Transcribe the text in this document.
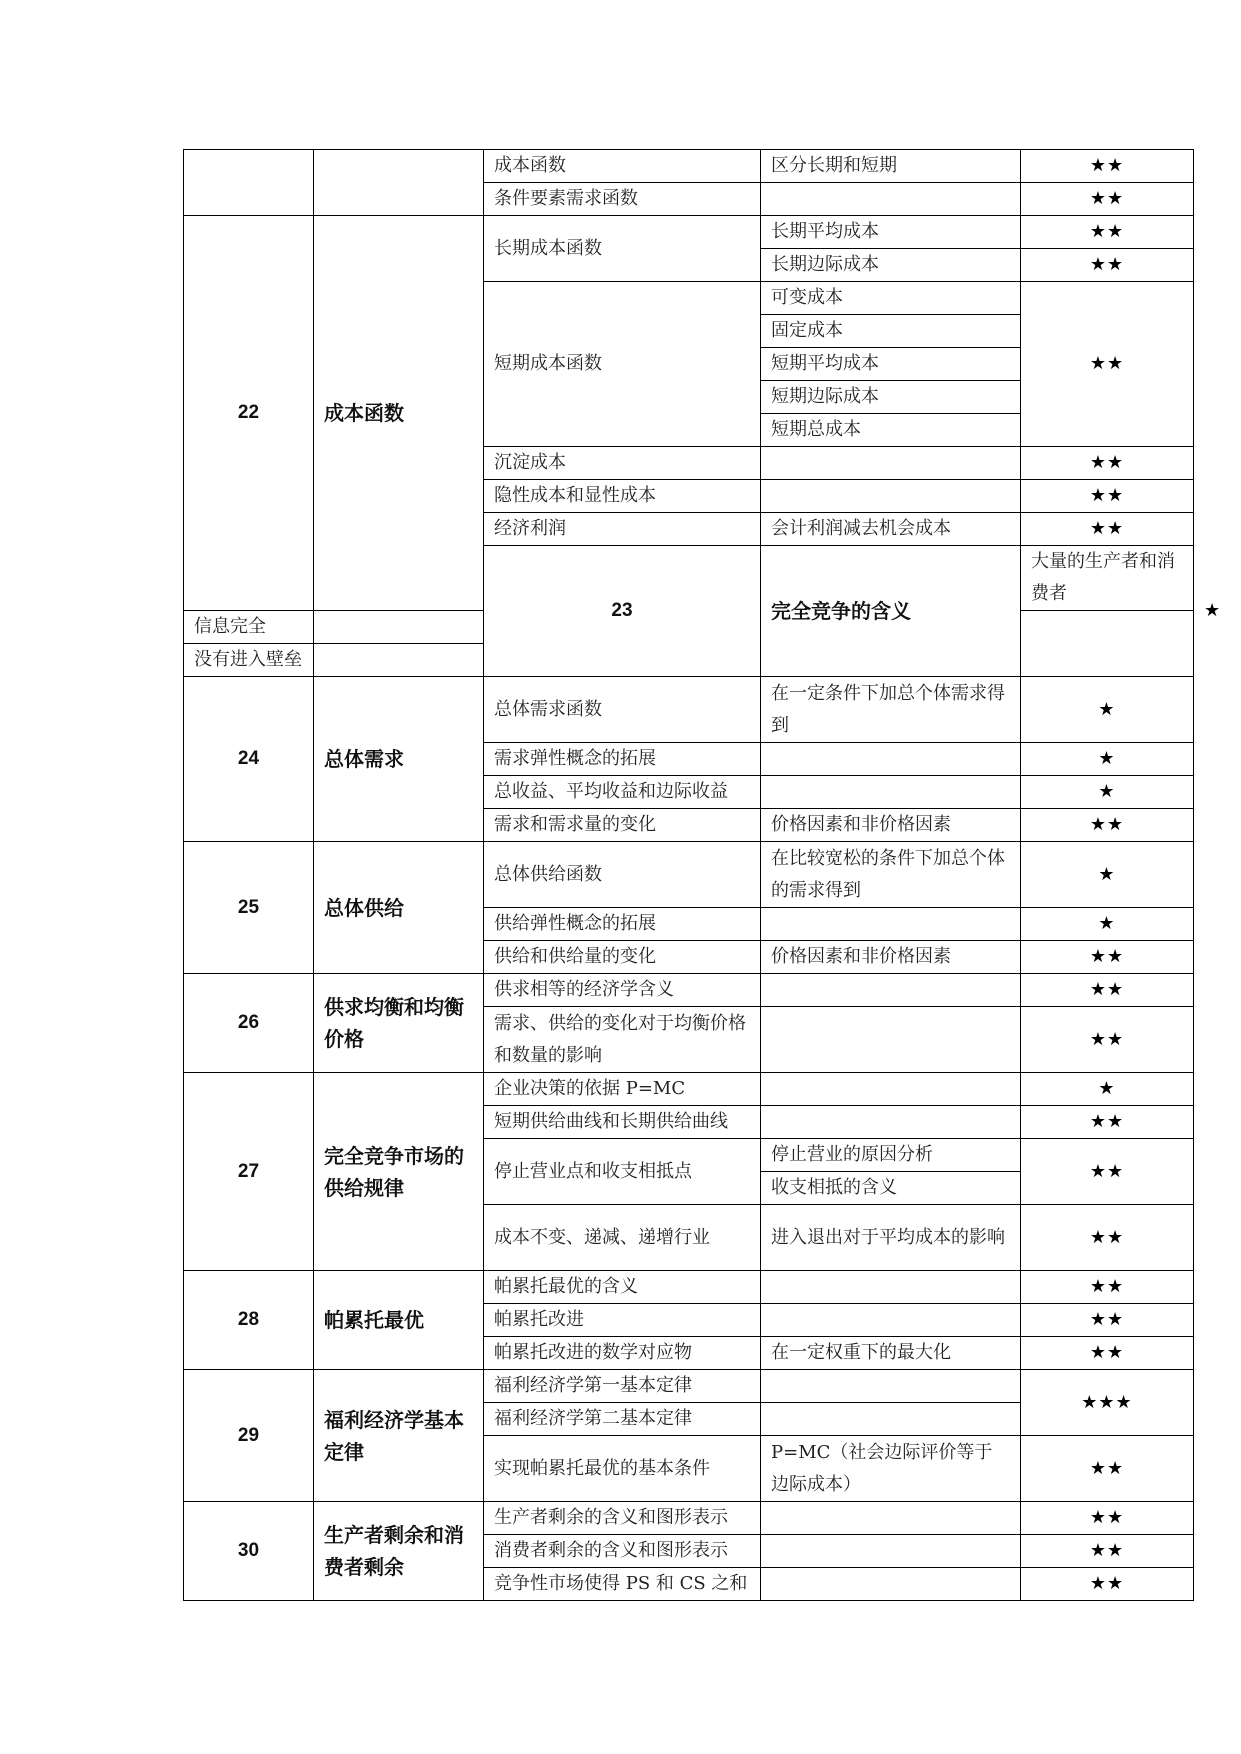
		成本函数	区分长期和短期	★★	
		条件要素需求函数		★★	
22	成本函数	长期成本函数	长期平均成本	★★	
			长期边际成本	★★	
		短期成本函数	可变成本	★★	
			固定成本		
			短期平均成本		
			短期边际成本		
			短期总成本		
		沉淀成本		★★	
		隐性成本和显性成本		★★	
		经济利润	会计利润减去机会成本	★★	
		23	完全竞争的含义	大量的生产者和消费者		★
信息完全					
没有进入壁垒					
24	总体需求	总体需求函数	在一定条件下加总个体需求得到	★	
		需求弹性概念的拓展		★	
		总收益、平均收益和边际收益		★	
		需求和需求量的变化	价格因素和非价格因素	★★	
25	总体供给	总体供给函数	在比较宽松的条件下加总个体的需求得到	★	
		供给弹性概念的拓展		★	
		供给和供给量的变化	价格因素和非价格因素	★★	
26	供求均衡和均衡价格	供求相等的经济学含义		★★	
		需求、供给的变化对于均衡价格和数量的影响		★★	
27	完全竞争市场的供给规律	企业决策的依据 P=MC		★	
		短期供给曲线和长期供给曲线		★★	
		停止营业点和收支相抵点	停止营业的原因分析	★★	
			收支相抵的含义		
		成本不变、递减、递增行业	进入退出对于平均成本的影响	★★	
28	帕累托最优	帕累托最优的含义		★★	
		帕累托改进		★★	
		帕累托改进的数学对应物	在一定权重下的最大化	★★	
29	福利经济学基本定律	福利经济学第一基本定律		★★★	
		福利经济学第二基本定律			
		实现帕累托最优的基本条件	P=MC（社会边际评价等于边际成本）	★★	
30	生产者剩余和消费者剩余	生产者剩余的含义和图形表示		★★	
		消费者剩余的含义和图形表示		★★	
		竞争性市场使得 PS 和 CS 之和		★★	
